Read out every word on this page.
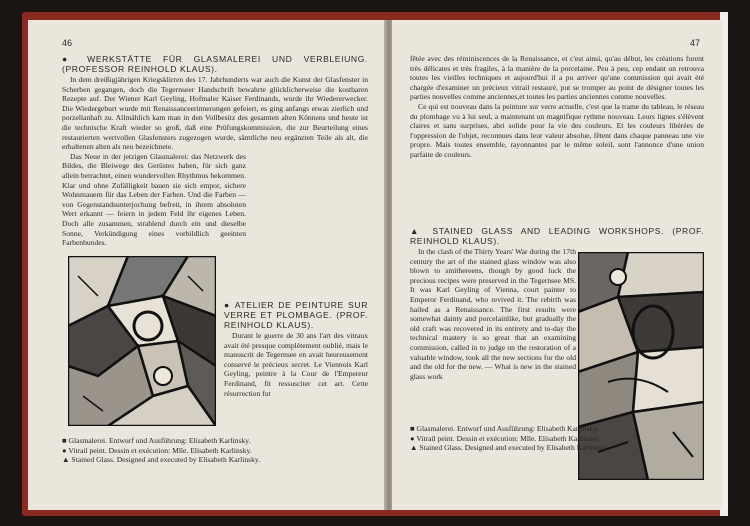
46
● WERKSTÄTTE FÜR GLASMALEREI UND VERBLEIUNG. (PROFESSOR REINHOLD KLAUS).

In dem dreißigjährigen Kriegsklirren des 17. Jahrhunderts war auch die Kunst der Glasfenster in Scherben gegangen, doch die Tegernseer Handschrift bewahrte glücklicherweise die kostbaren Rezepte auf. Der Wiener Karl Geyling, Hofmaler Kaiser Ferdinands, wurde ihr Wiedererwecker. Die Wiedergeburt wurde mit Renaissanceerinnerungen gefeiert, es ging anfangs etwas zierlich und porzellanhaft zu. Allmählich kam man in den Vollbesitz des gesamten alten Könnens und heute ist die technische Kraft wieder so groß, daß eine Prüfungskommission, die zur Beurteilung eines restaurierten wertvollen Glasfensters zugezogen wurde, sämtliche neu ergänzten Teile als alt, die erhaltenen alten als neu bezeichnete.

Das Neue in der jetzigen Glasmalerei: das Netzwerk des Bildes, die Bleiwege des Gerüstes haben, für sich ganz allein betrachtet, einen wundervollen Rhythmus bekommen. Klar und ohne Zufälligkeit bauen sie sich empor, sichere Wohnmauern für das Leben der Farben. Und die Farben — von Gegenstandsunterjochung befreit, in ihrem absoluten Wert erkannt — feiern in jedem Feld ihr eigenes Leben. Doch alle zusammen, strahlend durch ein und dieselbe Sonne, Verkündigung eines vorbildlich geeinten Farbenbundes.

● ATELIER DE PEINTURE SUR VERRE ET PLOMBAGE. (PROF. REINHOLD KLAUS).

Durant le guerre de 30 ans l'art des vitraux avait été presque complètement oublié, mais le manuscrit de Tegernsee en avait heureusement conservé le précieux secret. Le Viennois Karl Geyling, peintre à la Cour de l'Empereur Ferdinand, fit ressusciter cet art. Cette résurrection fut

■ Glasmalerei. Entwurf und Ausführung: Elisabeth Karlinsky.
● Vitrail peint. Dessin et exécution: Mlle. Elisabeth Karlinsky.
▲ Stained Glass. Designed and executed by Elisabeth Karlinsky.
47

fêtée avec des réminiscences de la Renaissance, et c'est ainsi, qu'au début, les créations furent très délicates et très fragiles, à la manière de la porcelaine. Peu à peu, cep endant on retrouva toutes les vieilles techniques et aujourd'hui il a pu arriver qu'une commission qui avait été chargée d'examiner un précieux vitrail restauré, put se tromper au point de désigner toutes les parties nouvelles comme anciennes,et toutes les parties anciennes comme nouvelles.

Ce qui est nouveau dans la peinture sur verre actuelle, c'est que la trame du tableau, le réseau du plombage vu à lui seul, a maintenant un magnifique rythme nouveau. Leurs lignes s'élèvent claires et sans surprises, abri solide pour la vie des couleurs. Et les couleurs libérées de l'oppression de l'objet, reconnues dans leur valeur absolue, fêtent dans chaque panneau une vie propre. Mais toutes ensemble, rayonnantes par le même soleil, sont l'annonce d'une union parfaite de couleurs.

▲ STAINED GLASS AND LEADING WORKSHOPS. (PROF. REINHOLD KLAUS).

In the clash of the Thirty Years' War during the 17th century the art of the stained glass window was also blown to smithereens, though by good luck the precious recipes were preserved in the Tegernsee MS. It was Karl Geyling of Vienna, court painter to Emperor Ferdinand, who revived it. The rebirth was hailed as a Renaissance. The first results were somewhat dainty and porcelainlike, but gradually the old craft was recovered in its entirety and to-day the technical mastery is so great that an examining commission, called in to judge on the restoration of a valuable window, took all the new sections for the old and the old for the new. — What is new in the stained glass work

■ Glasmalerei. Entwurf und Ausführung: Elisabeth Karlinsky.
● Vitrail peint. Dessin et exécution: Mlle. Elisabeth Karlinsky.
▲ Stained Glass. Designed and executed by Elisabeth Karlinsky.
